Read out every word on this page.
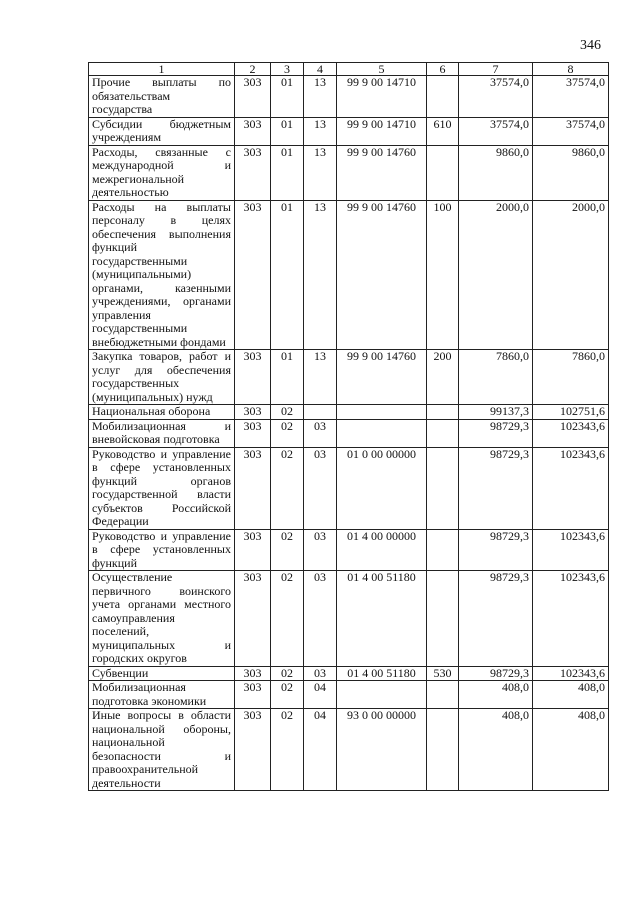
346
1	2	3	4	5	6	7	8
Прочие выплаты по обязательствам государства	303	01	13	99 9 00 14710		37574,0	37574,0
Субсидии бюджетным учреждениям	303	01	13	99 9 00 14710	610	37574,0	37574,0
Расходы, связанные с международной и межрегиональной деятельностью	303	01	13	99 9 00 14760		9860,0	9860,0
Расходы на выплаты персоналу в целях обеспечения выполнения функций государственными (муниципальными) органами, казенными учреждениями, органами управления государственными внебюджетными фондами	303	01	13	99 9 00 14760	100	2000,0	2000,0
Закупка товаров, работ и услуг для обеспечения государственных (муниципальных) нужд	303	01	13	99 9 00 14760	200	7860,0	7860,0
Национальная оборона	303	02				99137,3	102751,6
Мобилизационная и вневойсковая подготовка	303	02	03			98729,3	102343,6
Руководство и управление в сфере установленных функций органов государственной власти субъектов Российской Федерации	303	02	03	01 0 00 00000		98729,3	102343,6
Руководство и управление в сфере установленных функций	303	02	03	01 4 00 00000		98729,3	102343,6
Осуществление первичного воинского учета органами местного самоуправления поселений, муниципальных и городских округов	303	02	03	01 4 00 51180		98729,3	102343,6
Субвенции	303	02	03	01 4 00 51180	530	98729,3	102343,6
Мобилизационная подготовка экономики	303	02	04			408,0	408,0
Иные вопросы в области национальной обороны, национальной безопасности и правоохранительной деятельности	303	02	04	93 0 00 00000		408,0	408,0
